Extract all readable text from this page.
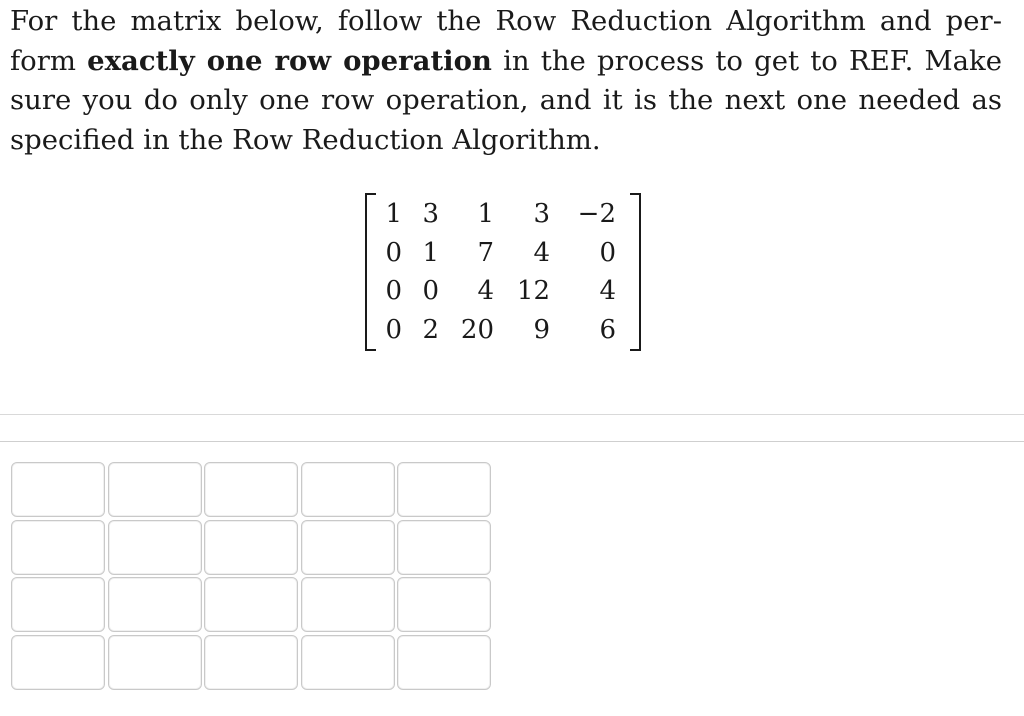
For the matrix below, follow the Row Reduction Algorithm and per-form exactly one row operation in the process to get to REF. Make sure you do only one row operation, and it is the next one needed as specified in the Row Reduction Algorithm.
1	3	1	3	−2
0	1	7	4	0
0	0	4	12	4
0	2	20	9	6
